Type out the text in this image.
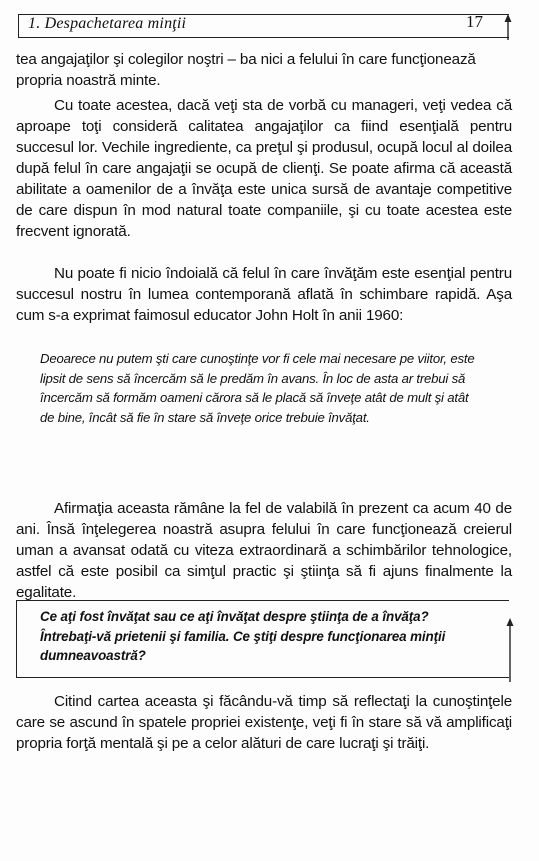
1. Despachetarea minţii	17
tea angajaţilor şi colegilor noştri – ba nici a felului în care funcţionează propria noastră minte.
Cu toate acestea, dacă veţi sta de vorbă cu manageri, veţi vedea că aproape toţi consideră calitatea angajaţilor ca fiind esenţială pentru succesul lor. Vechile ingrediente, ca preţul şi produsul, ocupă locul al doilea după felul în care angajaţii se ocupă de clienţi. Se poate afirma că această abilitate a oamenilor de a învăţa este unica sursă de avantaje competitive de care dispun în mod natural toate companiile, şi cu toate acestea este frecvent ignorată.
Nu poate fi nicio îndoială că felul în care învăţăm este esenţial pentru succesul nostru în lumea contemporană aflată în schimbare rapidă. Aşa cum s-a exprimat faimosul educator John Holt în anii 1960:
Deoarece nu putem şti care cunoştinţe vor fi cele mai necesare pe viitor, este lipsit de sens să încercăm să le predăm în avans. În loc de asta ar trebui să încercăm să formăm oameni cărora să le placă să înveţe atât de mult şi atât de bine, încât să fie în stare să înveţe orice trebuie învăţat.
Afirmaţia aceasta rămâne la fel de valabilă în prezent ca acum 40 de ani. Însă înţelegerea noastră asupra felului în care funcţionează creierul uman a avansat odată cu viteza extraordinară a schimbărilor tehnologice, astfel că este posibil ca simţul practic şi ştiinţa să fi ajuns finalmente la egalitate.
Ce aţi fost învăţat sau ce aţi învăţat despre ştiinţa de a învăţa? Întrebaţi-vă prietenii şi familia. Ce ştiţi despre funcţionarea minţii dumneavoastră?
Citind cartea aceasta şi făcându-vă timp să reflectaţi la cunoştinţele care se ascund în spatele propriei existenţe, veţi fi în stare să vă amplificaţi propria forţă mentală şi pe a celor alături de care lucraţi şi trăiţi.
